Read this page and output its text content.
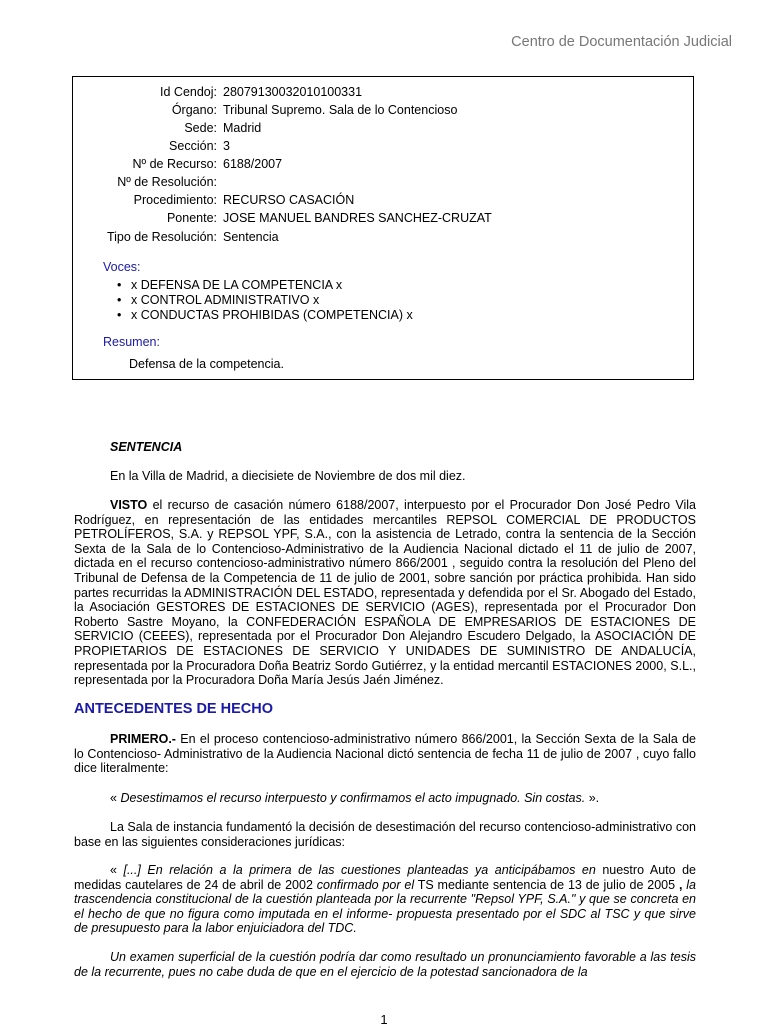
Centro de Documentación Judicial
Id Cendoj: 28079130032010100331
Órgano: Tribunal Supremo. Sala de lo Contencioso
Sede: Madrid
Sección: 3
Nº de Recurso: 6188/2007
Nº de Resolución:
Procedimiento: RECURSO CASACIÓN
Ponente: JOSE MANUEL BANDRES SANCHEZ-CRUZAT
Tipo de Resolución: Sentencia
Voces:
• x DEFENSA DE LA COMPETENCIA x
• x CONTROL ADMINISTRATIVO x
• x CONDUCTAS PROHIBIDAS (COMPETENCIA) x
Resumen:
Defensa de la competencia.
SENTENCIA
En la Villa de Madrid, a diecisiete de Noviembre de dos mil diez.
VISTO el recurso de casación número 6188/2007, interpuesto por el Procurador Don José Pedro Vila Rodríguez, en representación de las entidades mercantiles REPSOL COMERCIAL DE PRODUCTOS PETROLÍFEROS, S.A. y REPSOL YPF, S.A., con la asistencia de Letrado, contra la sentencia de la Sección Sexta de la Sala de lo Contencioso-Administrativo de la Audiencia Nacional dictado el 11 de julio de 2007, dictada en el recurso contencioso-administrativo número 866/2001 , seguido contra la resolución del Pleno del Tribunal de Defensa de la Competencia de 11 de julio de 2001, sobre sanción por práctica prohibida. Han sido partes recurridas la ADMINISTRACIÓN DEL ESTADO, representada y defendida por el Sr. Abogado del Estado, la Asociación GESTORES DE ESTACIONES DE SERVICIO (AGES), representada por el Procurador Don Roberto Sastre Moyano, la CONFEDERACIÓN ESPAÑOLA DE EMPRESARIOS DE ESTACIONES DE SERVICIO (CEEES), representada por el Procurador Don Alejandro Escudero Delgado, la ASOCIACIÓN DE PROPIETARIOS DE ESTACIONES DE SERVICIO Y UNIDADES DE SUMINISTRO DE ANDALUCÍA, representada por la Procuradora Doña Beatriz Sordo Gutiérrez, y la entidad mercantil ESTACIONES 2000, S.L., representada por la Procuradora Doña María Jesús Jaén Jiménez.
ANTECEDENTES DE HECHO
PRIMERO.- En el proceso contencioso-administrativo número 866/2001, la Sección Sexta de la Sala de lo Contencioso- Administrativo de la Audiencia Nacional dictó sentencia de fecha 11 de julio de 2007 , cuyo fallo dice literalmente:
« Desestimamos el recurso interpuesto y confirmamos el acto impugnado. Sin costas. ».
La Sala de instancia fundamentó la decisión de desestimación del recurso contencioso-administrativo con base en las siguientes consideraciones jurídicas:
« [...] En relación a la primera de las cuestiones planteadas ya anticipábamos en nuestro Auto de medidas cautelares de 24 de abril de 2002 confirmado por el TS mediante sentencia de 13 de julio de 2005 , la trascendencia constitucional de la cuestión planteada por la recurrente "Repsol YPF, S.A." y que se concreta en el hecho de que no figura como imputada en el informe- propuesta presentado por el SDC al TSC y que sirve de presupuesto para la labor enjuiciadora del TDC.
Un examen superficial de la cuestión podría dar como resultado un pronunciamiento favorable a las tesis de la recurrente, pues no cabe duda de que en el ejercicio de la potestad sancionadora de la
1
